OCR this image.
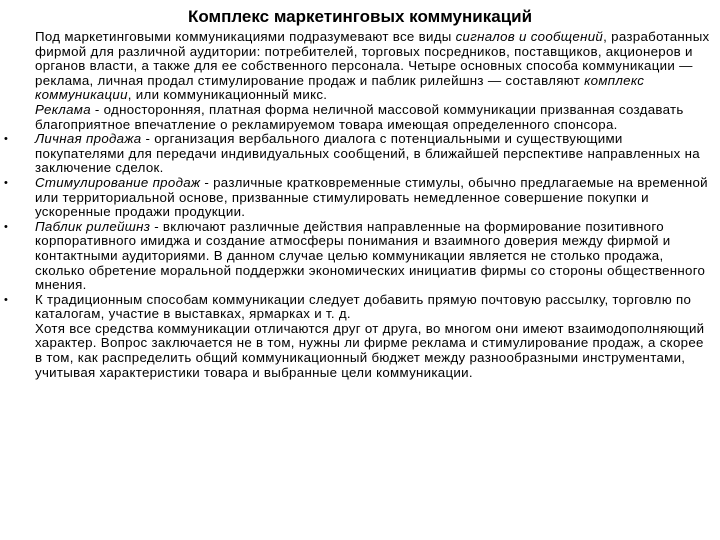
Комплекс маркетинговых коммуникаций
Под маркетинговыми коммуникациями подразумевают все виды сигналов и сообщений, разработанных фирмой для различной аудитории: потребителей, торговых посредников, поставщиков, акционеров и органов власти, а также для ее собственного персонала. Четыре основных способа коммуникации — реклама, личная продал стимулирование продаж и паблик рилейшнз — составляют комплекс коммуникации, или коммуникационный микс.
Реклама - односторонняя, платная форма неличной массовой коммуникации призванная создавать благоприятное впечатление о рекламируемом товара имеющая определенного спонсора.
• Личная продажа - организация вербального диалога с потенциальными и существующими покупателями для передачи индивидуальных сообщений, в ближайшей перспективе направленных на заключение сделок.
• Стимулирование продаж - различные кратковременные стимулы, обычно предлагаемые на временной или территориальной основе, призванные стимулировать немедленное совершение покупки и ускоренные продажи продукции.
• Паблик рилейшнз - включают различные действия направленные на формирование позитивного корпоративного имиджа и создание атмосферы понимания и взаимного доверия между фирмой и контактными аудиториями. В данном случае целью коммуникации является не столько продажа, сколько обретение моральной поддержки экономических инициатив фирмы со стороны общественного мнения.
• К традиционным способам коммуникации следует добавить прямую почтовую рассылку, торговлю по каталогам, участие в выставках, ярмарках и т. д.
Хотя все средства коммуникации отличаются друг от друга, во многом они имеют взаимодополняющий характер. Вопрос заключается не в том, нужны ли фирме реклама и стимулирование продаж, а скорее в том, как распределить общий коммуникационный бюджет между разнообразными инструментами, учитывая характеристики товара и выбранные цели коммуникации.
